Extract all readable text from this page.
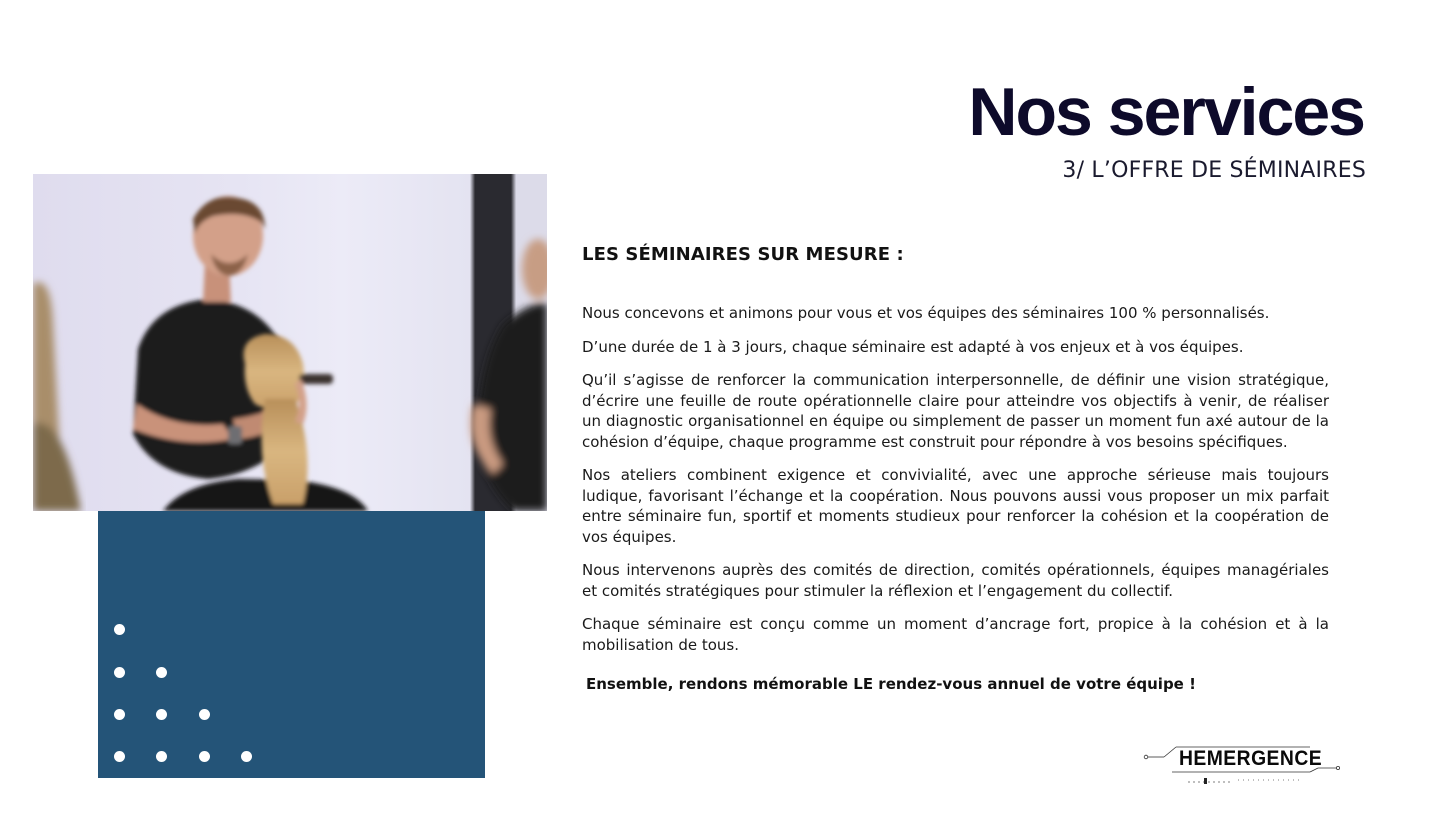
Nos services
3/ L’OFFRE DE SÉMINAIRES
LES SÉMINAIRES SUR MESURE :

Nous concevons et animons pour vous et vos équipes des séminaires 100 % personnalisés.

D’une durée de 1 à 3 jours, chaque séminaire est adapté à vos enjeux et à vos équipes.

Qu’il s’agisse de renforcer la communication interpersonnelle, de définir une vision stratégique, d’écrire une feuille de route opérationnelle claire pour atteindre vos objectifs à venir, de réaliser un diagnostic organisationnel en équipe ou simplement de passer un moment fun axé autour de la cohésion d’équipe, chaque programme est construit pour répondre à vos besoins spécifiques.

Nos ateliers combinent exigence et convivialité, avec une approche sérieuse mais toujours ludique, favorisant l’échange et la coopération. Nous pouvons aussi vous proposer un mix parfait entre séminaire fun, sportif et moments studieux pour renforcer la cohésion et la coopération de vos équipes.

Nous intervenons auprès des comités de direction, comités opérationnels, équipes managériales et comités stratégiques pour stimuler la réflexion et l’engagement du collectif.

Chaque séminaire est conçu comme un moment d’ancrage fort, propice à la cohésion et à la mobilisation de tous.

Ensemble, rendons mémorable LE rendez-vous annuel de votre équipe !

HEMERGENCE
